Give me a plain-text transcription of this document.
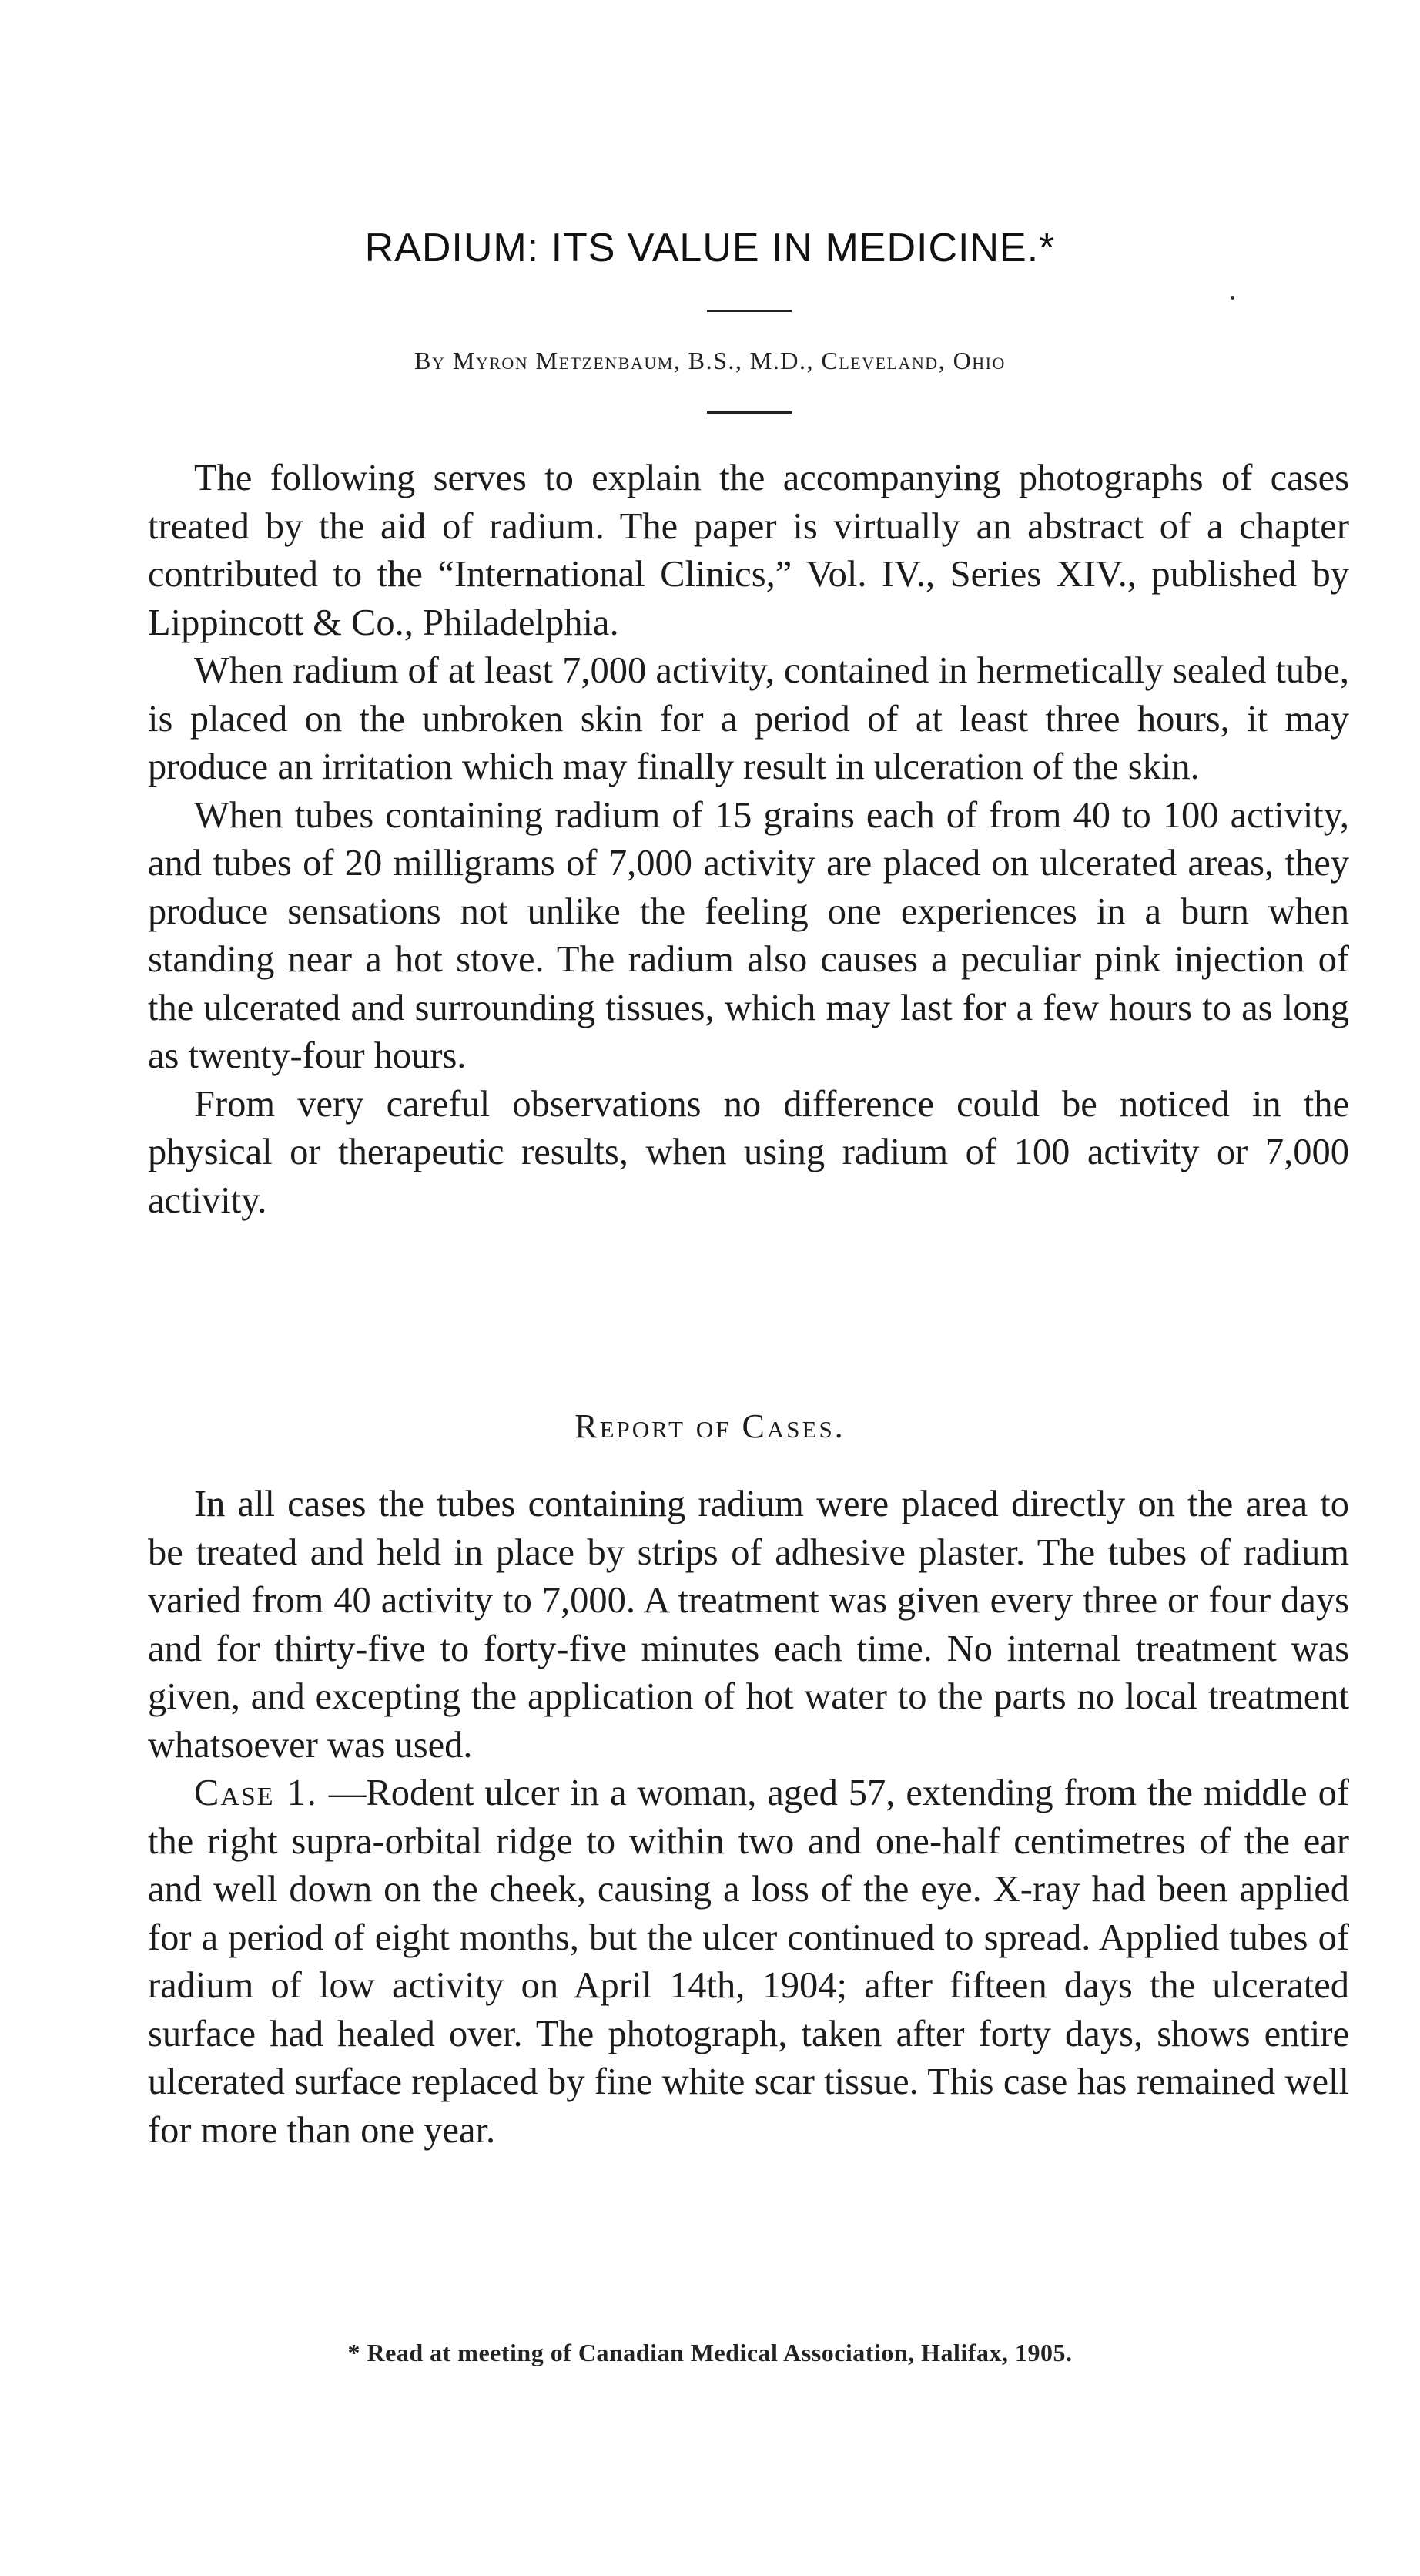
RADIUM: ITS VALUE IN MEDICINE.*
By Myron Metzenbaum, B.S., M.D., Cleveland, Ohio

The following serves to explain the accompanying photographs of cases treated by the aid of radium. The paper is virtually an abstract of a chapter contributed to the “International Clinics,” Vol. IV., Series XIV., published by Lippincott & Co., Philadelphia.

When radium of at least 7,000 activity, contained in hermetically sealed tube, is placed on the unbroken skin for a period of at least three hours, it may produce an irritation which may finally result in ulceration of the skin.

When tubes containing radium of 15 grains each of from 40 to 100 activity, and tubes of 20 milligrams of 7,000 activity are placed on ulcerated areas, they produce sensations not unlike the feeling one experiences in a burn when standing near a hot stove. The radium also causes a peculiar pink injection of the ulcerated and surrounding tissues, which may last for a few hours to as long as twenty-four hours.

From very careful observations no difference could be noticed in the physical or therapeutic results, when using radium of 100 activity or 7,000 activity.

Report of Cases.

In all cases the tubes containing radium were placed directly on the area to be treated and held in place by strips of adhesive plaster. The tubes of radium varied from 40 activity to 7,000. A treatment was given every three or four days and for thirty-five to forty-five minutes each time. No internal treatment was given, and excepting the application of hot water to the parts no local treatment whatsoever was used.

Case 1. —Rodent ulcer in a woman, aged 57, extending from the middle of the right supra-orbital ridge to within two and one-half centimetres of the ear and well down on the cheek, causing a loss of the eye. X-ray had been applied for a period of eight months, but the ulcer continued to spread. Applied tubes of radium of low activity on April 14th, 1904; after fifteen days the ulcerated surface had healed over. The photograph, taken after forty days, shows entire ulcerated surface replaced by fine white scar tissue. This case has remained well for more than one year.

* Read at meeting of Canadian Medical Association, Halifax, 1905.
